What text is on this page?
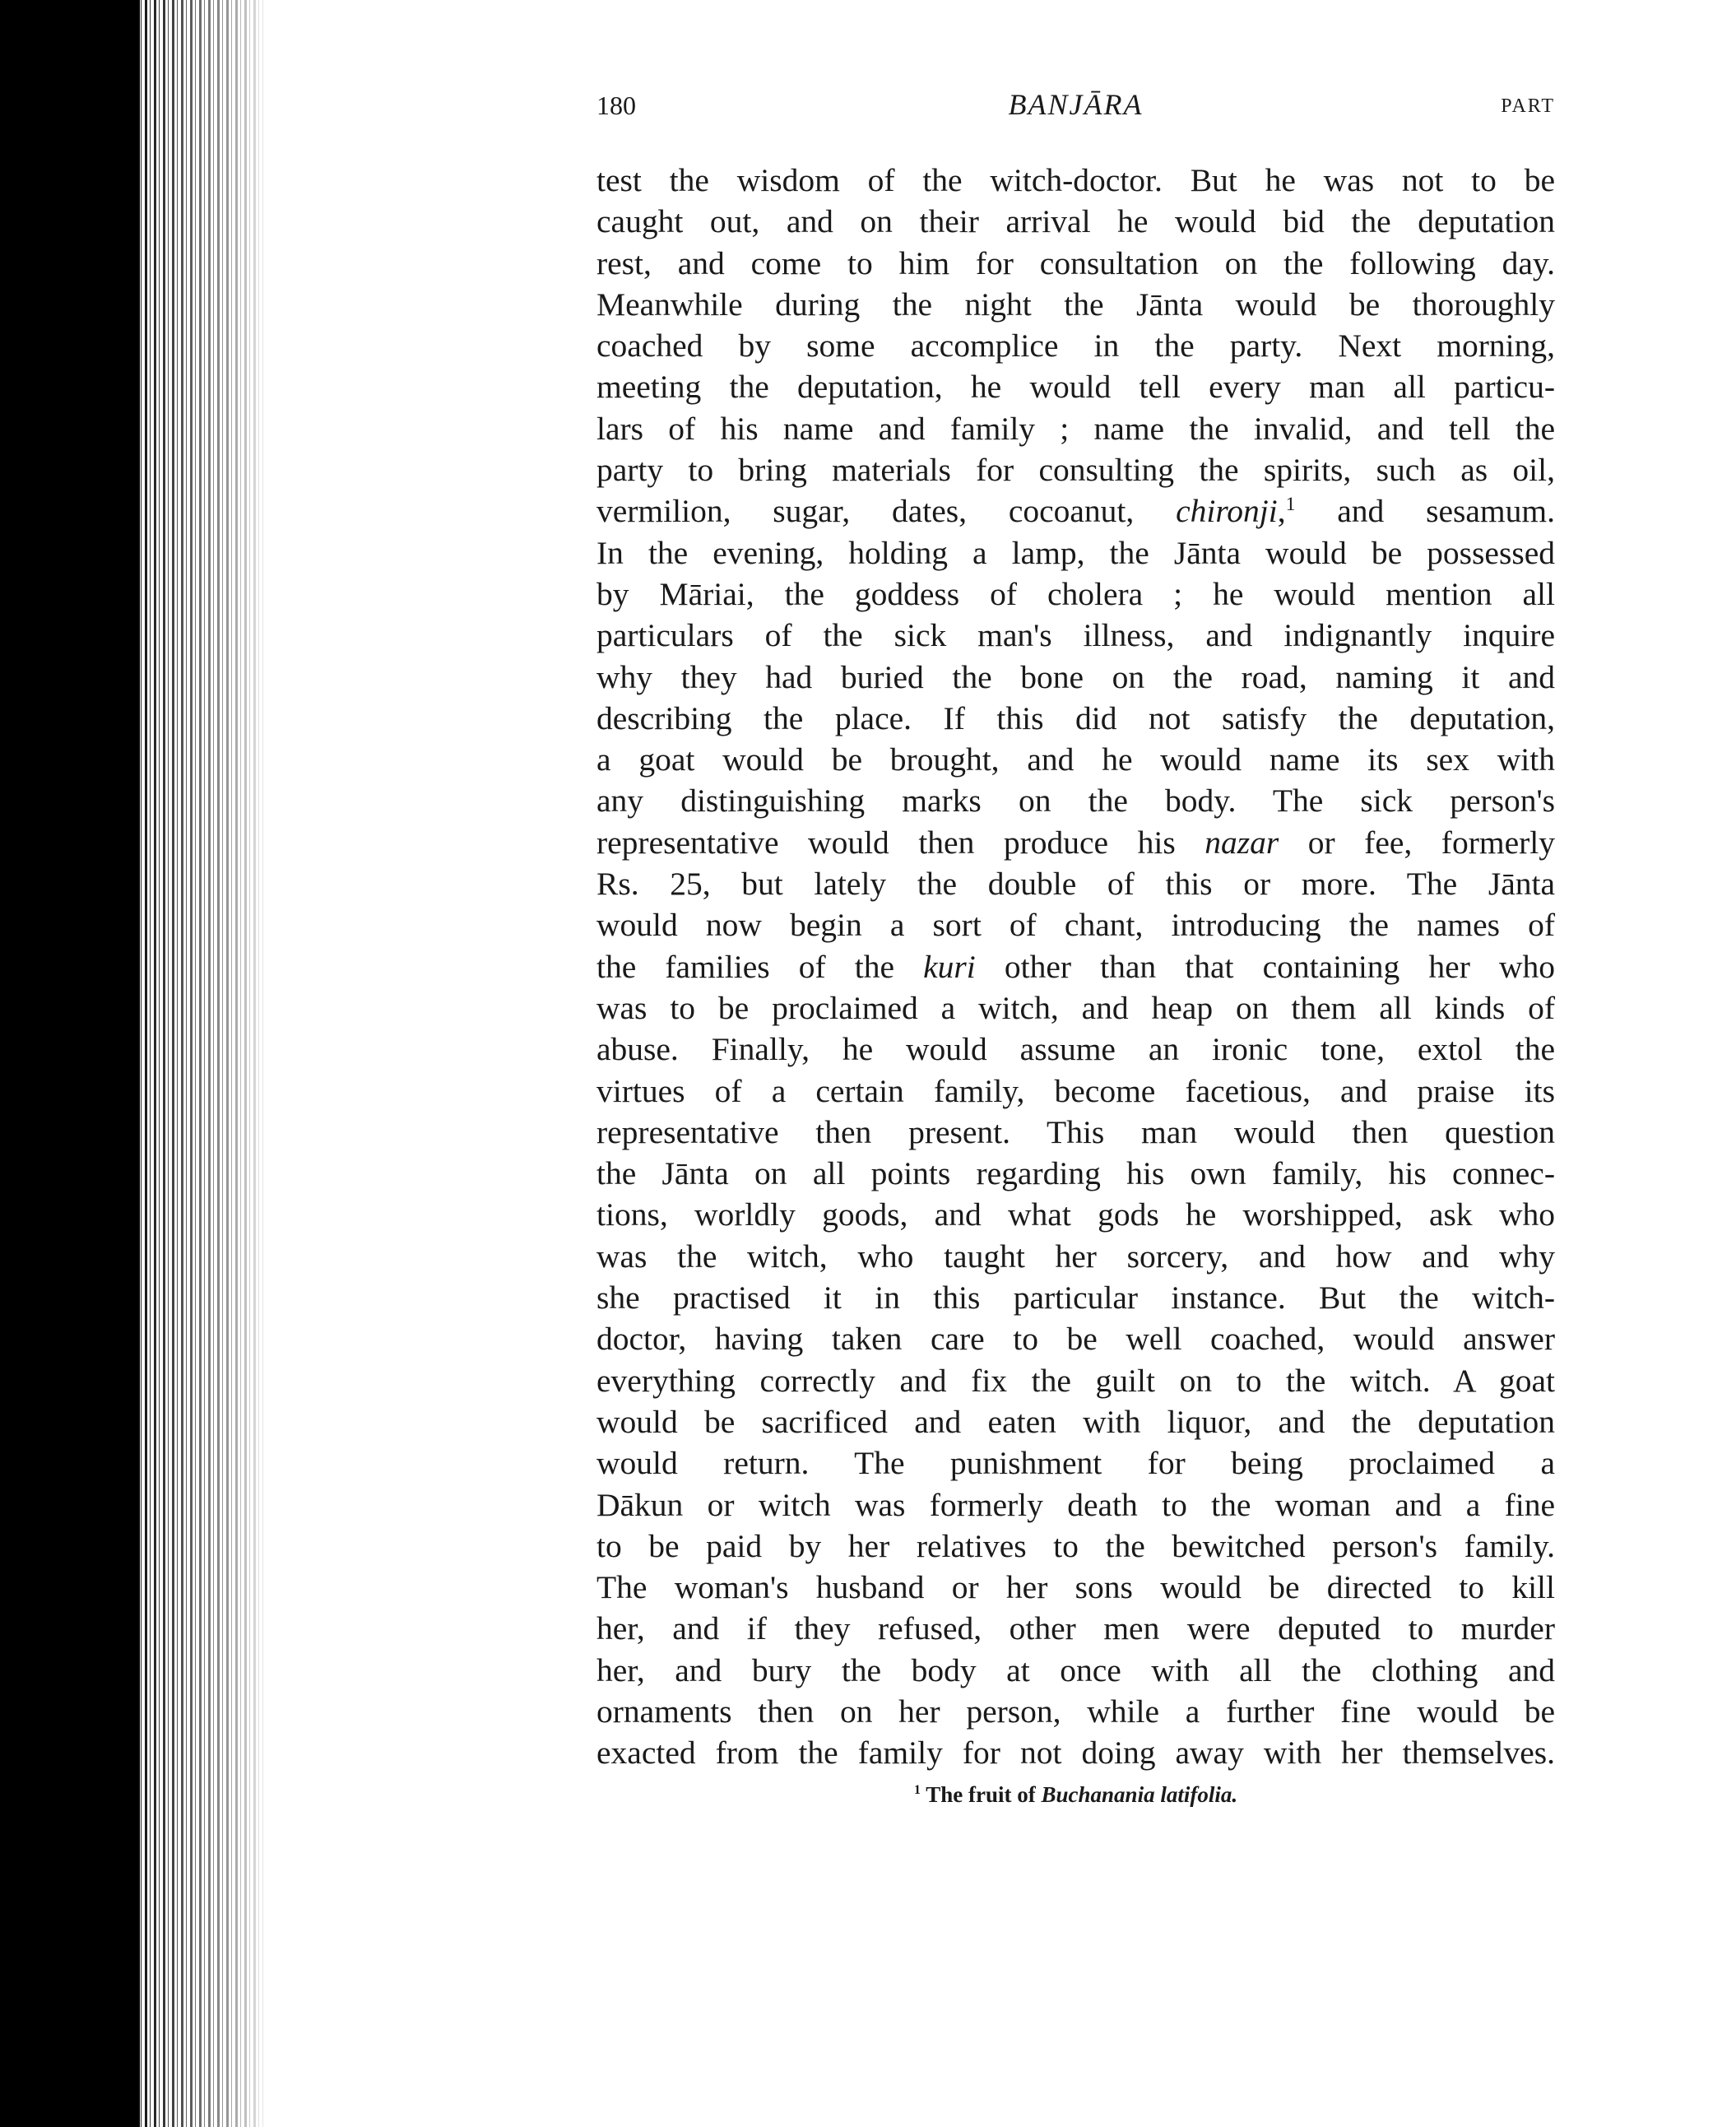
180	BANJĀRA	PART
test the wisdom of the witch-doctor. But he was not to be
caught out, and on their arrival he would bid the deputation
rest, and come to him for consultation on the following day.
Meanwhile during the night the Jānta would be thoroughly
coached by some accomplice in the party. Next morning,
meeting the deputation, he would tell every man all particu-
lars of his name and family ; name the invalid, and tell the
party to bring materials for consulting the spirits, such as oil,
vermilion, sugar, dates, cocoanut, chironji,$^1$ and sesamum.
In the evening, holding a lamp, the Jānta would be possessed
by Māriai, the goddess of cholera ; he would mention all
particulars of the sick man's illness, and indignantly inquire
why they had buried the bone on the road, naming it and
describing the place. If this did not satisfy the deputation,
a goat would be brought, and he would name its sex with
any distinguishing marks on the body. The sick person's
representative would then produce his nazar or fee, formerly
Rs. 25, but lately the double of this or more. The Jānta
would now begin a sort of chant, introducing the names of
the families of the kuri other than that containing her who
was to be proclaimed a witch, and heap on them all kinds of
abuse. Finally, he would assume an ironic tone, extol the
virtues of a certain family, become facetious, and praise its
representative then present. This man would then question
the Jānta on all points regarding his own family, his connec-
tions, worldly goods, and what gods he worshipped, ask who
was the witch, who taught her sorcery, and how and why
she practised it in this particular instance. But the witch-
doctor, having taken care to be well coached, would answer
everything correctly and fix the guilt on to the witch. A goat
would be sacrificed and eaten with liquor, and the deputation
would return. The punishment for being proclaimed a
Dākun or witch was formerly death to the woman and a fine
to be paid by her relatives to the bewitched person's family.
The woman's husband or her sons would be directed to kill
her, and if they refused, other men were deputed to murder
her, and bury the body at once with all the clothing and
ornaments then on her person, while a further fine would be
exacted from the family for not doing away with her themselves.
$^1$ The fruit of Buchanania latifolia.
